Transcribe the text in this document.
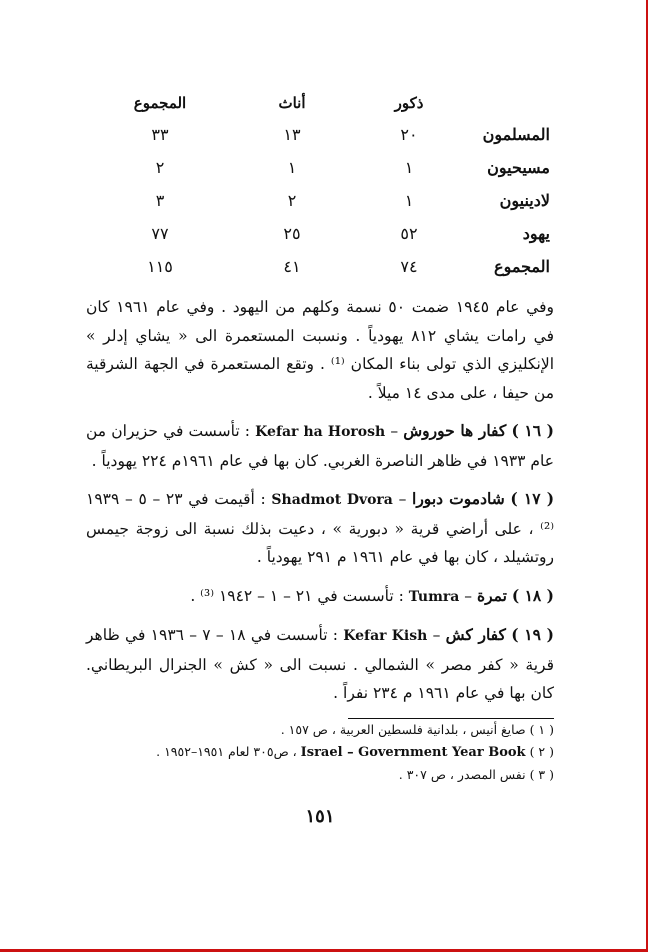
	ذكور	أناث	المجموع
المسلمون	٢٠	١٣	٣٣
مسيحيون	١	١	٢
لادينيون	١	٢	٣
يهود	٥٢	٢٥	٧٧
المجموع	٧٤	٤١	١١٥

وفي عام ١٩٤٥ ضمت ٥٠ نسمة وكلهم من اليهود . وفي عام ١٩٦١ كان في رامات يشاي ٨١٢ يهودياً . ونسبت المستعمرة الى « يشاي إدلر » الإنكليزي الذي تولى بناء المكان ⁽¹⁾ . وتقع المستعمرة في الجهة الشرقية من حيفا ، على مدى ١٤ ميلاً .

( ١٦ ) كفار ها حوروش – Kefar ha Horosh : تأسست في حزيران من عام ١٩٣٣ في ظاهر الناصرة الغربي. كان بها في عام ١٩٦١م ٢٢٤ يهودياً .

( ١٧ ) شادموت دبورا – Shadmot Dvora : أقيمت في ٢٣ – ٥ – ١٩٣٩ ⁽²⁾ ، على أراضي قرية « دبورية » ، دعيت بذلك نسبة الى زوجة جيمس روتشيلد ، كان بها في عام ١٩٦١ م ٢٩١ يهودياً .

( ١٨ ) تمرة – Tumra : تأسست في ٢١ – ١ – ١٩٤٢ ⁽³⁾ .

( ١٩ ) كفار كش – Kefar Kish : تأسست في ١٨ – ٧ – ١٩٣٦ في ظاهر قرية « كفر مصر » الشمالي . نسبت الى « كش » الجنرال البريطاني. كان بها في عام ١٩٦١ م ٢٣٤ نفراً .

( ١ ) صايغ أنيس ، بلدانية فلسطين العربية ، ص ١٥٧ .

( ٢ ) Israel – Government Year Book ، ص٣٠٥ لعام ١٩٥١–١٩٥٢ .

( ٣ ) نفس المصدر ، ص ٣٠٧ .

١٥١
